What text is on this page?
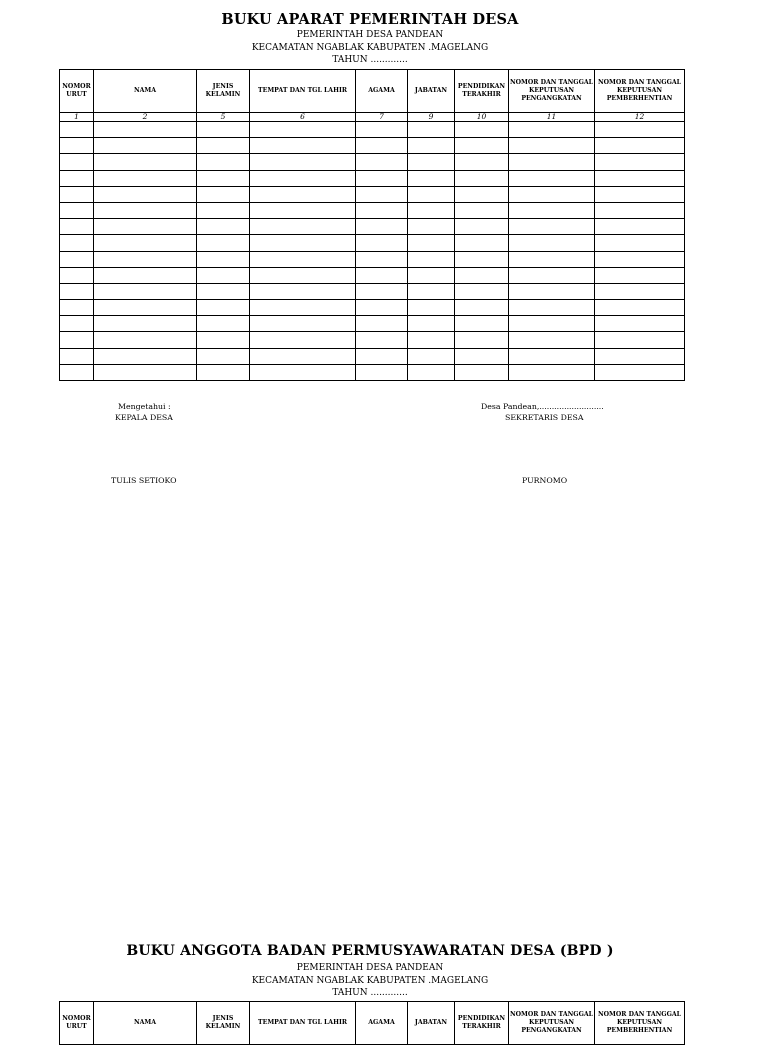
BUKU APARAT PEMERINTAH DESA
PEMERINTAH DESA PANDEAN
KECAMATAN NGABLAK KABUPATEN .MAGELANG
TAHUN .............
NOMOR URUT	NAMA	JENIS KELAMIN	TEMPAT DAN TGL LAHIR	AGAMA	JABATAN	PENDIDIKAN TERAKHIR	NOMOR DAN TANGGAL KEPUTUSAN PENGANGKATAN	NOMOR DAN TANGGAL KEPUTUSAN PEMBERHENTIAN
1	2	5	6	7	9	10	11	12

Mengetahui :
KEPALA DESA
TULIS SETIOKO
Desa Pandean,..........................
SEKRETARIS DESA
PURNOMO
BUKU ANGGOTA BADAN PERMUSYAWARATAN DESA (BPD )
PEMERINTAH DESA PANDEAN
KECAMATAN NGABLAK KABUPATEN .MAGELANG
TAHUN .............
NOMOR URUT	NAMA	JENIS KELAMIN	TEMPAT DAN TGL LAHIR	AGAMA	JABATAN	PENDIDIKAN TERAKHIR	NOMOR DAN TANGGAL KEPUTUSAN PENGANGKATAN	NOMOR DAN TANGGAL KEPUTUSAN PEMBERHENTIAN
